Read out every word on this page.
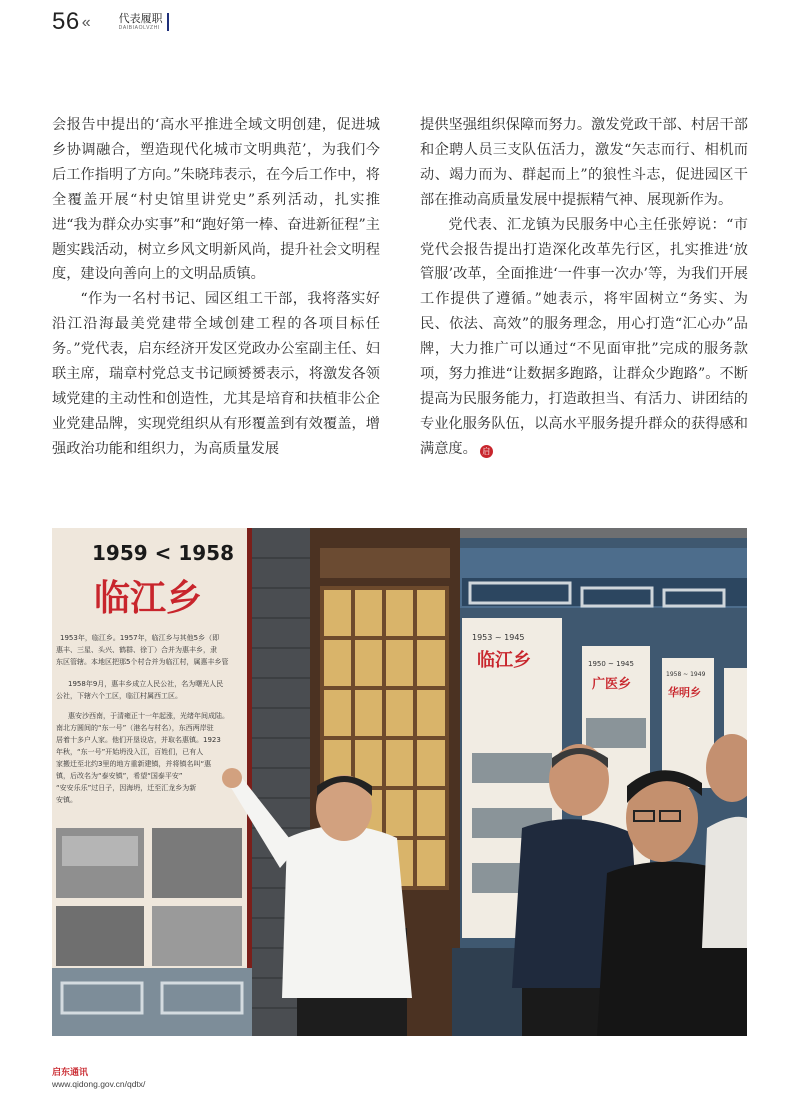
56 «	代表履职
DAIBIAOLVZHI

会报告中提出的‘高水平推进全域文明创建，促进城乡协调融合，塑造现代化城市文明典范’，为我们今后工作指明了方向。”朱晓玮表示，在今后工作中，将全覆盖开展“村史馆里讲党史”系列活动，扎实推进“我为群众办实事”和“跑好第一棒、奋进新征程”主题实践活动，树立乡风文明新风尚，提升社会文明程度，建设向善向上的文明品质镇。

“作为一名村书记、园区组工干部，我将落实好沿江沿海最美党建带全域创建工程的各项目标任务。”党代表，启东经济开发区党政办公室副主任、妇联主席，瑞章村党总支书记顾赟赟表示，将激发各领域党建的主动性和创造性，尤其是培育和扶植非公企业党建品牌，实现党组织从有形覆盖到有效覆盖，增强政治功能和组织力，为高质量发展

提供坚强组织保障而努力。激发党政干部、村居干部和企聘人员三支队伍活力，激发“矢志而行、相机而动、竭力而为、群起而上”的狼性斗志，促进园区干部在推动高质量发展中提振精气神、展现新作为。

党代表、汇龙镇为民服务中心主任张婷说：“市党代会报告提出打造深化改革先行区，扎实推进‘放管服’改革，全面推进‘一件事一次办’等，为我们开展工作提供了遵循。”她表示，将牢固树立“务实、为民、依法、高效”的服务理念，用心打造“汇心办”品牌，大力推广可以通过“不见面审批”完成的服务款项，努力推进“让数据多跑路，让群众少跑路”。不断提高为民服务能力，打造敢担当、有活力、讲团结的专业化服务队伍，以高水平服务提升群众的获得感和满意度。 启

1959 < 1958
临江乡
1953年，临江乡。1957年，临江乡与其他5乡（即
惠丰、三星、头兴、鹤群、徐丁）合并为惠丰乡，隶
东区管辖。本地区把那5个村合并为临江村，属惠丰乡管
1958年9月，惠丰乡成立人民公社，名为曙光人民
公社，下辖六个工区，临江村属西工区。
惠安沙西南，于清雍正十一年起涨，光绪年间成陆。
南北方圆间的“东一号”（港名与村名），东西两岸驻
居着十多户人家。他们开垦设店，并取名惠镇。1923
年秋，“东一号”开始坍没入江，百姓们，已有人
家搬迁至北约3里的地方重新建镇，并将镇名叫“惠
镇，后改名为“泰安镇”，希望“国泰平安”
“安安乐乐”过日子，因海坍，迁至汇龙乡为新
安镇。
1953 ~ 1945
临江乡	1950 ~ 1945
广医乡
1958 ~ 1949
华明乡
启东通讯
www.qidong.gov.cn/qdtx/
